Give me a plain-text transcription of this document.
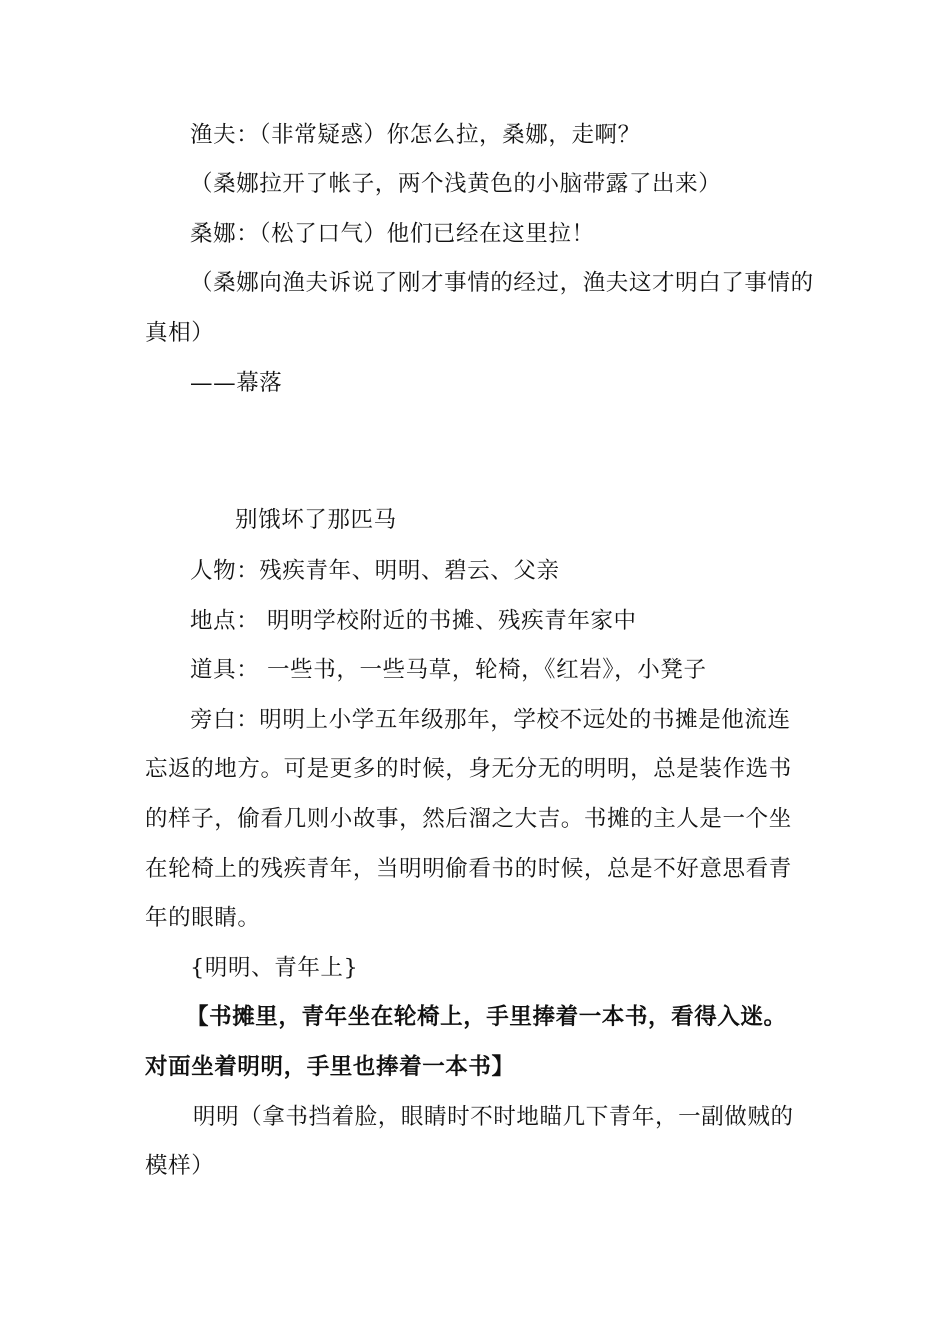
渔夫：（非常疑惑）你怎么拉，桑娜，走啊？
（桑娜拉开了帐子，两个浅黄色的小脑带露了出来）
桑娜：（松了口气）他们已经在这里拉！
（桑娜向渔夫诉说了刚才事情的经过，渔夫这才明白了事情的
真相）
——幕落
别饿坏了那匹马
人物：残疾青年、明明、碧云、父亲
地点： 明明学校附近的书摊、残疾青年家中
道具： 一些书，一些马草，轮椅，《红岩》，小凳子
旁白：明明上小学五年级那年，学校不远处的书摊是他流连
忘返的地方。可是更多的时候，身无分无的明明，总是装作选书
的样子，偷看几则小故事，然后溜之大吉。书摊的主人是一个坐
在轮椅上的残疾青年，当明明偷看书的时候，总是不好意思看青
年的眼睛。
{明明、青年上}
【书摊里，青年坐在轮椅上，手里捧着一本书，看得入迷。
对面坐着明明，手里也捧着一本书】
明明（拿书挡着脸，眼睛时不时地瞄几下青年，一副做贼的
模样）
